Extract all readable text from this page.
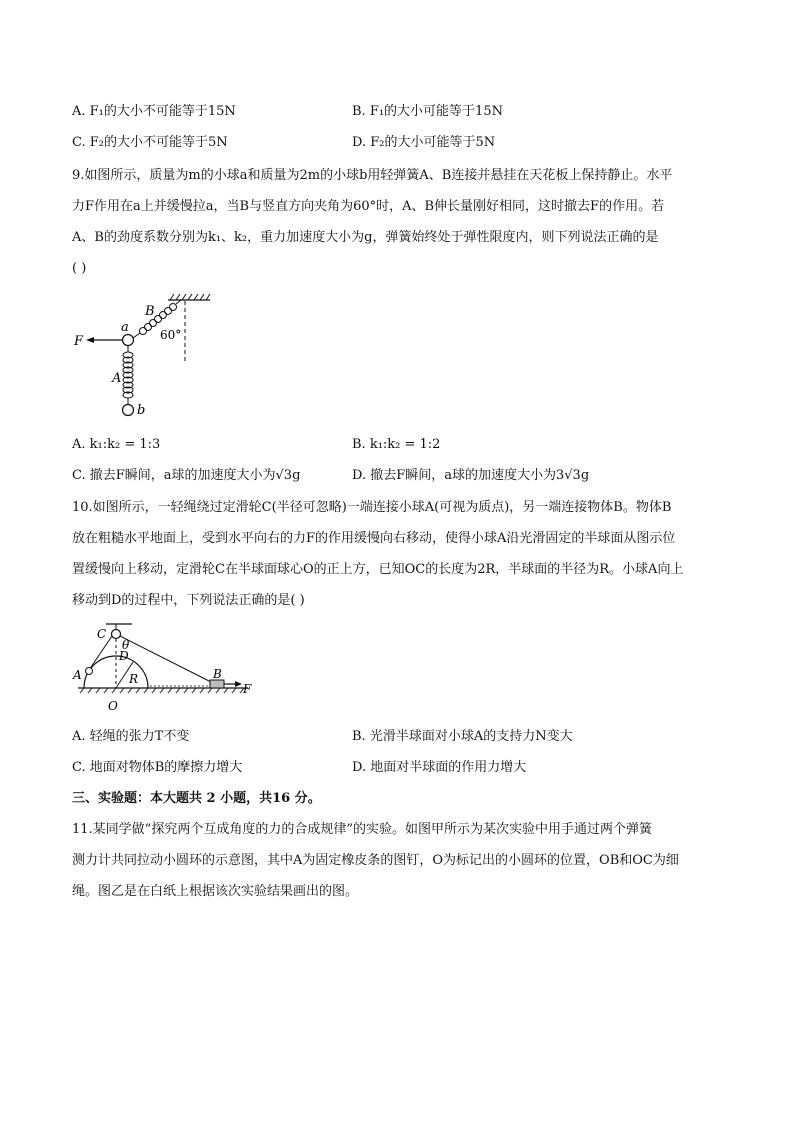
A. F₁的大小不可能等于15N	B. F₁的大小可能等于15N
C. F₂的大小不可能等于5N	D. F₂的大小可能等于5N
9.如图所示，质量为m的小球a和质量为2m的小球b用轻弹簧A、B连接并悬挂在天花板上保持静止。水平
力F作用在a上并缓慢拉a，当B与竖直方向夹角为60°时，A、B伸长量刚好相同，这时撤去F的作用。若
A、B的劲度系数分别为k₁、k₂，重力加速度大小为g，弹簧始终处于弹性限度内，则下列说法正确的是
( )
F
a
B
A
b
60°
A. k₁:k₂ = 1:3	B. k₁:k₂ = 1:2
C. 撤去F瞬间，a球的加速度大小为√3g	D. 撤去F瞬间，a球的加速度大小为3√3g
10.如图所示，一轻绳绕过定滑轮C(半径可忽略)一端连接小球A(可视为质点)，另一端连接物体B。物体B
放在粗糙水平地面上，受到水平向右的力F的作用缓慢向右移动，使得小球A沿光滑固定的半球面从图示位
置缓慢向上移动，定滑轮C在半球面球心O的正上方，已知OC的长度为2R，半球面的半径为R。小球A向上
移动到D的过程中，下列说法正确的是( )
C
D
θ
A	R
O
B
F
A. 轻绳的张力T不变	B. 光滑半球面对小球A的支持力N变大
C. 地面对物体B的摩擦力增大	D. 地面对半球面的作用力增大
三、实验题：本大题共 2 小题，共16 分。
11.某同学做“探究两个互成角度的力的合成规律”的实验。如图甲所示为某次实验中用手通过两个弹簧
测力计共同拉动小圆环的示意图，其中A为固定橡皮条的图钉，O为标记出的小圆环的位置，OB和OC为细
绳。图乙是在白纸上根据该次实验结果画出的图。
